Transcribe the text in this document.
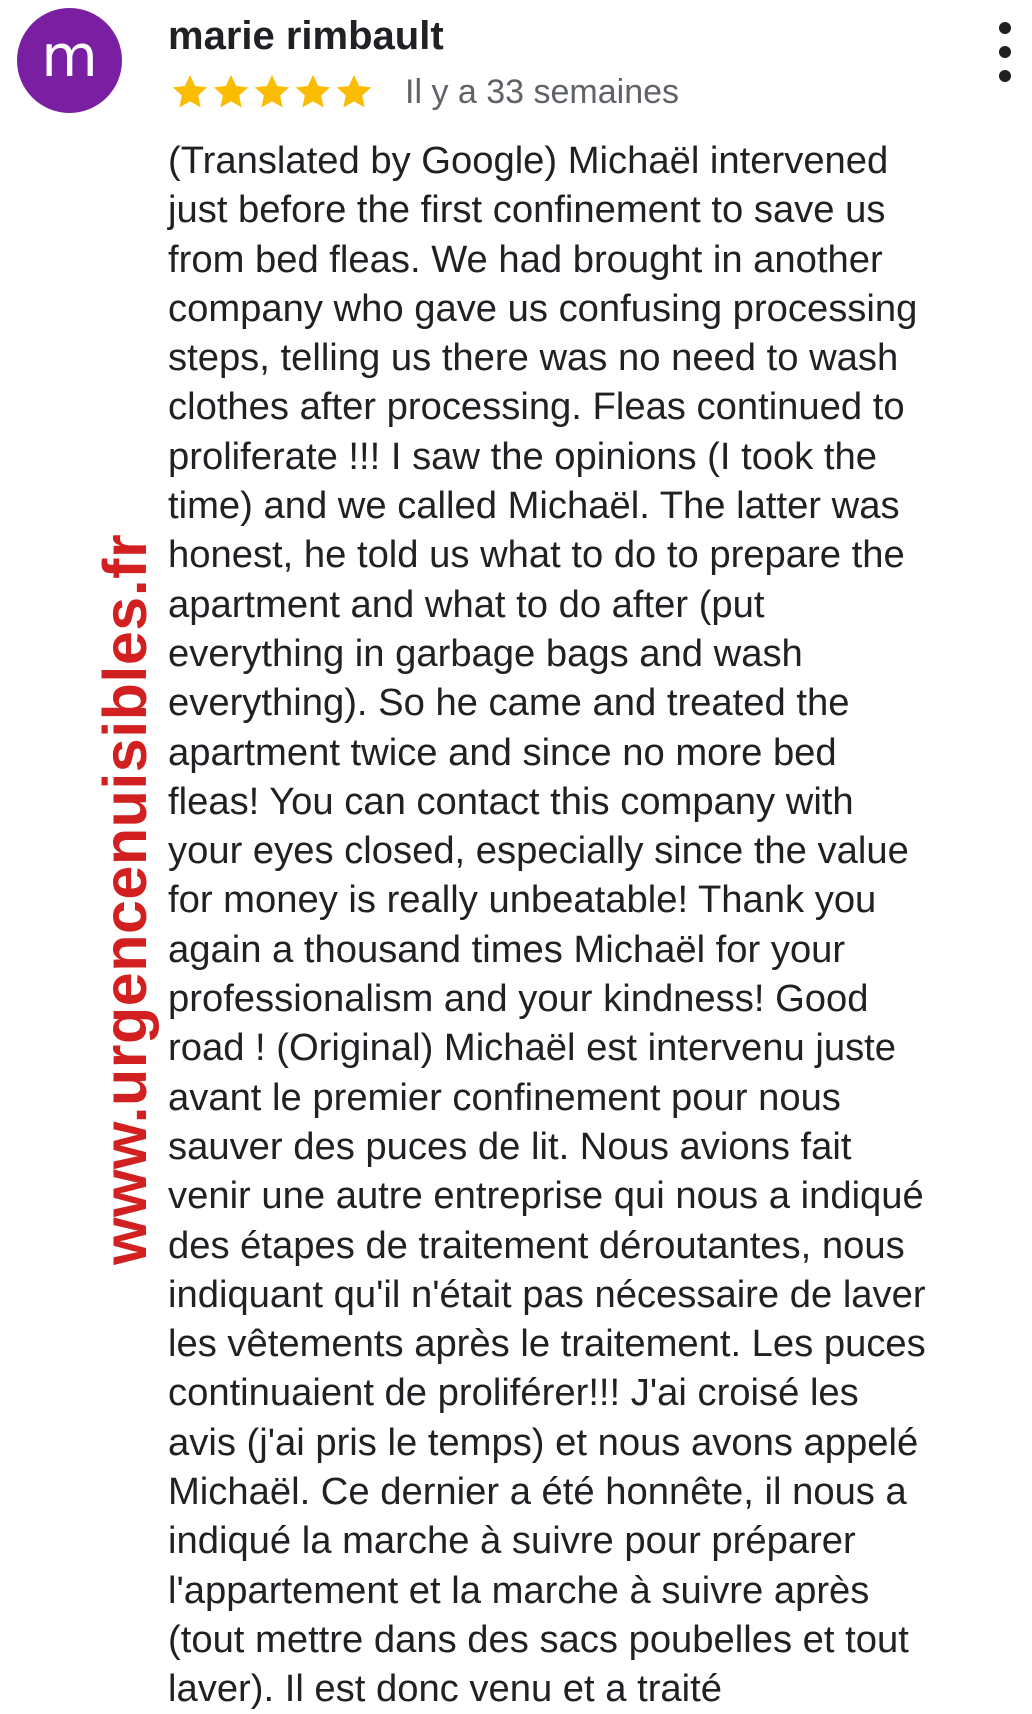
m marie rimbault
Il y a 33 semaines
www.urgencenuisibles.fr
(Translated by Google) Michaël intervened
just before the first confinement to save us
from bed fleas. We had brought in another
company who gave us confusing processing
steps, telling us there was no need to wash
clothes after processing. Fleas continued to
proliferate !!! I saw the opinions (I took the
time) and we called Michaël. The latter was
honest, he told us what to do to prepare the
apartment and what to do after (put
everything in garbage bags and wash
everything). So he came and treated the
apartment twice and since no more bed
fleas! You can contact this company with
your eyes closed, especially since the value
for money is really unbeatable! Thank you
again a thousand times Michaël for your
professionalism and your kindness! Good
road ! (Original) Michaël est intervenu juste
avant le premier confinement pour nous
sauver des puces de lit. Nous avions fait
venir une autre entreprise qui nous a indiqué
des étapes de traitement déroutantes, nous
indiquant qu'il n'était pas nécessaire de laver
les vêtements après le traitement. Les puces
continuaient de proliférer!!! J'ai croisé les
avis (j'ai pris le temps) et nous avons appelé
Michaël. Ce dernier a été honnête, il nous a
indiqué la marche à suivre pour préparer
l'appartement et la marche à suivre après
(tout mettre dans des sacs poubelles et tout
laver). Il est donc venu et a traité
